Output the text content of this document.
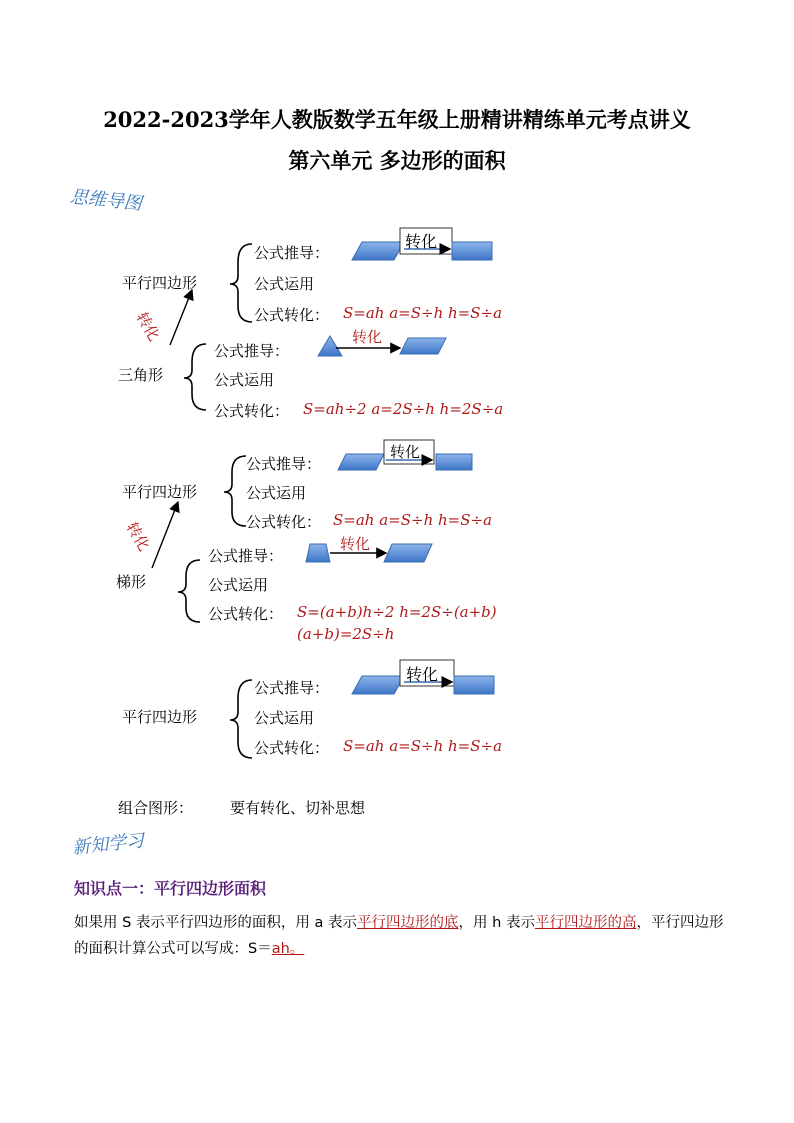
2022-2023学年人教版数学五年级上册精讲精练单元考点讲义
第六单元 多边形的面积
思维导图
平行四边形
公式推导：
转化
公式运用
公式转化： S=ah a=S÷h h=S÷a
转化
三角形
公式推导：
转化
公式运用
公式转化： S=ah÷2 a=2S÷h h=2S÷a
平行四边形
公式推导：
转化
公式运用
公式转化： S=ah a=S÷h h=S÷a
转化
梯形
公式推导：
转化
公式运用
公式转化： S=(a+b)h÷2 h=2S÷(a+b)
(a+b)=2S÷h
平行四边形
公式推导：
转化
公式运用
公式转化： S=ah a=S÷h h=S÷a
组合图形： 要有转化、切补思想
新知学习
知识点一：平行四边形面积
如果用 S 表示平行四边形的面积，用 a 表示平行四边形的底，用 h 表示平行四边形的高，平行四边形的面积计算公式可以写成：S＝ah。
